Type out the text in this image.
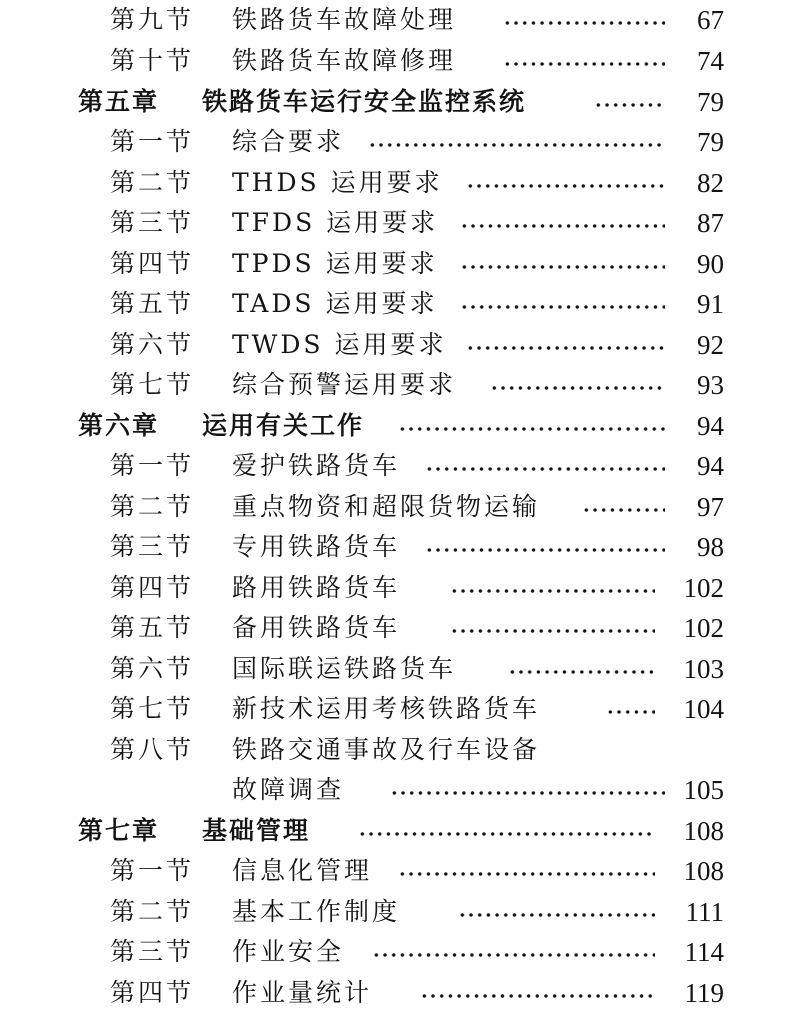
第九节 铁路货车故障处理	67
第十节 铁路货车故障修理	74
第五章 铁路货车运行安全监控系统	79
第一节 综合要求	79
第二节 THDS 运用要求	82
第三节 TFDS 运用要求	87
第四节 TPDS 运用要求	90
第五节 TADS 运用要求	91
第六节 TWDS 运用要求	92
第七节 综合预警运用要求	93
第六章 运用有关工作	94
第一节 爱护铁路货车	94
第二节 重点物资和超限货物运输	97
第三节 专用铁路货车	98
第四节 路用铁路货车	102
第五节 备用铁路货车	102
第六节 国际联运铁路货车	103
第七节 新技术运用考核铁路货车	104
第八节 铁路交通事故及行车设备
故障调查	105
第七章 基础管理	108
第一节 信息化管理	108
第二节 基本工作制度	111
第三节 作业安全	114
第四节 作业量统计	119
